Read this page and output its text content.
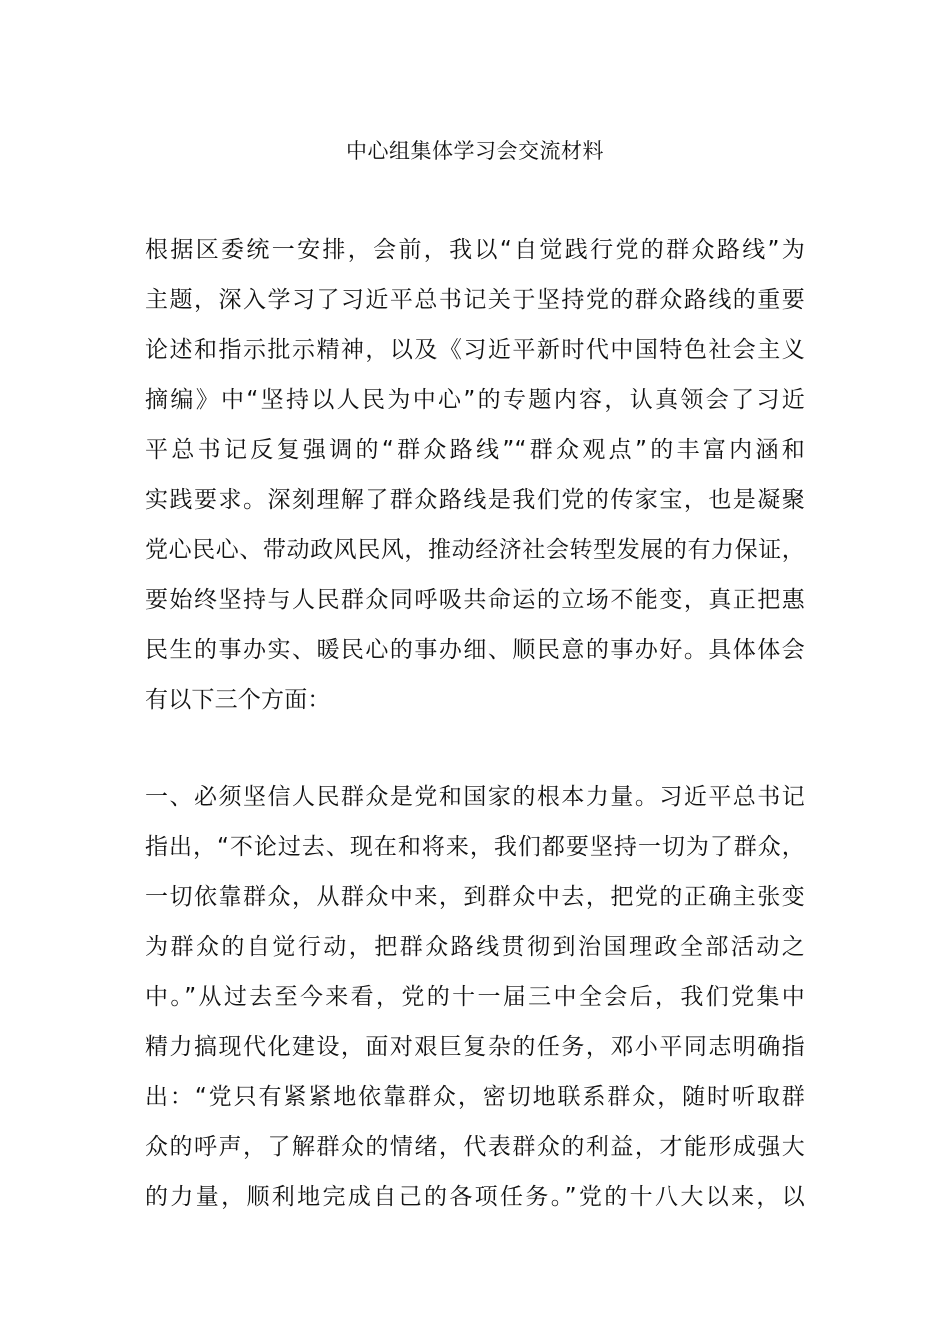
中心组集体学习会交流材料
根据区委统一安排，会前，我以“自觉践行党的群众路线”为
主题，深入学习了习近平总书记关于坚持党的群众路线的重要
论述和指示批示精神，以及《习近平新时代中国特色社会主义
摘编》中“坚持以人民为中心”的专题内容，认真领会了习近
平总书记反复强调的“群众路线”“群众观点”的丰富内涵和
实践要求。深刻理解了群众路线是我们党的传家宝，也是凝聚
党心民心、带动政风民风，推动经济社会转型发展的有力保证，
要始终坚持与人民群众同呼吸共命运的立场不能变，真正把惠
民生的事办实、暖民心的事办细、顺民意的事办好。具体体会
有以下三个方面：
一、必须坚信人民群众是党和国家的根本力量。习近平总书记
指出，“不论过去、现在和将来，我们都要坚持一切为了群众，
一切依靠群众，从群众中来，到群众中去，把党的正确主张变
为群众的自觉行动，把群众路线贯彻到治国理政全部活动之
中。”从过去至今来看，党的十一届三中全会后，我们党集中
精力搞现代化建设，面对艰巨复杂的任务，邓小平同志明确指
出：“党只有紧紧地依靠群众，密切地联系群众，随时听取群
众的呼声，了解群众的情绪，代表群众的利益，才能形成强大
的力量，顺利地完成自己的各项任务。”党的十八大以来，以
